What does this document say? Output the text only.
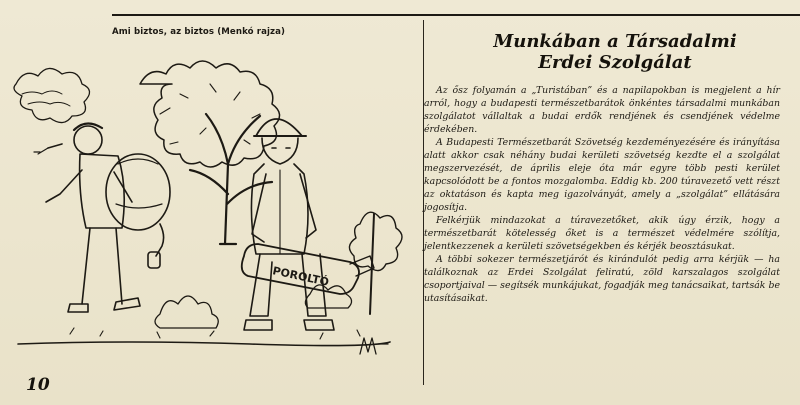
Ami biztos, az biztos (Menkó rajza)
POROLTÓ
Munkában a Társadalmi
Erdei Szolgálat

Az ősz folyamán a „Turistában” és a napilapokban is megjelent a hír arról, hogy a budapesti természetbarátok önkéntes társadalmi munkában szolgálatot vállaltak a budai erdők rendjének és csendjének védelme érdekében.

A Budapesti Természetbarát Szövetség kezdeményezésére és irányítása alatt akkor csak néhány budai kerületi szövetség kezdte el a szolgálat megszervezését, de április eleje óta már egyre több pesti kerület kapcsolódott be a fontos mozgalomba. Eddig kb. 200 túravezető vett részt az oktatáson és kapta meg igazolványát, amely a „szolgálat” ellátására jogosítja.

Felkérjük mindazokat a túravezetőket, akik úgy érzik, hogy a természetbarát kötelesség őket is a természet védelmére szólítja, jelentkezzenek a kerületi szövetségekben és kérjék beosztásukat.

A többi sokezer természetjárót és kirándulót pedig arra kérjük — ha találkoznak az Erdei Szolgálat feliratú, zöld karszalagos szolgálat csoportjaival — segítsék munkájukat, fogadják meg tanácsaikat, tartsák be utasításaikat.

10
